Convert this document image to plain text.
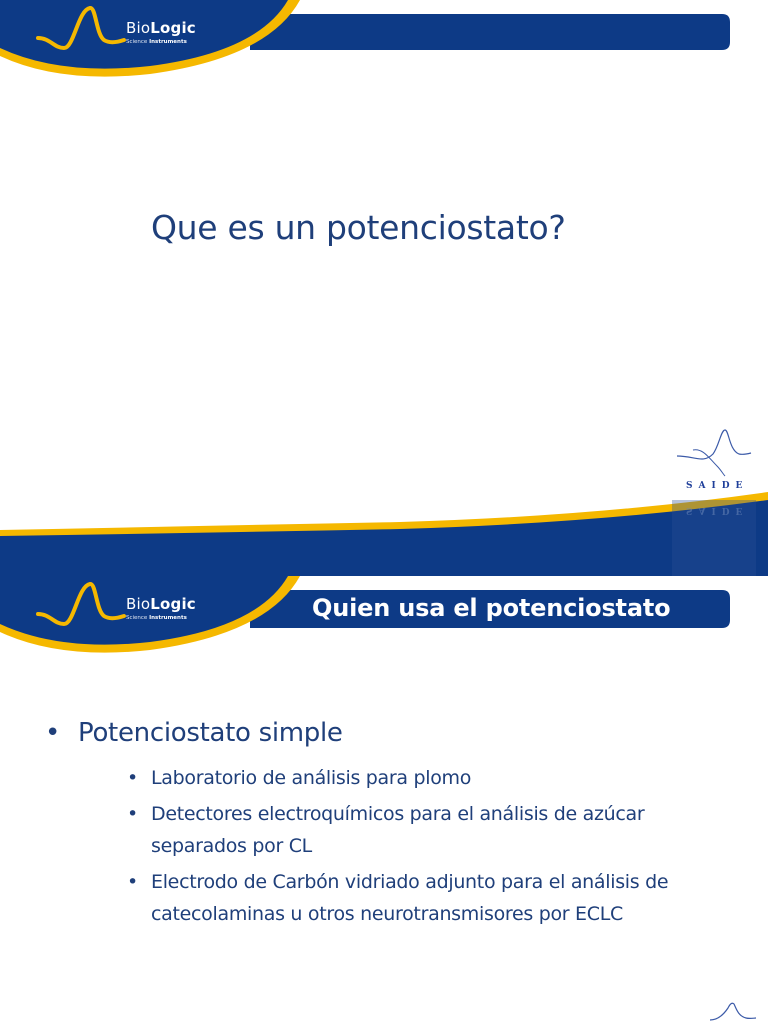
BioLogic
Science Instruments
Que es un potenciostato?
SAIDE
SAIDE
BioLogic
Science Instruments	Quien usa el potenciostato
• Potenciostato simple
• Laboratorio de análisis para plomo
• Detectores electroquímicos para el análisis de azúcar separados por CL
• Electrodo de Carbón vidriado adjunto para el análisis de catecolaminas u otros neurotransmisores por ECLC
